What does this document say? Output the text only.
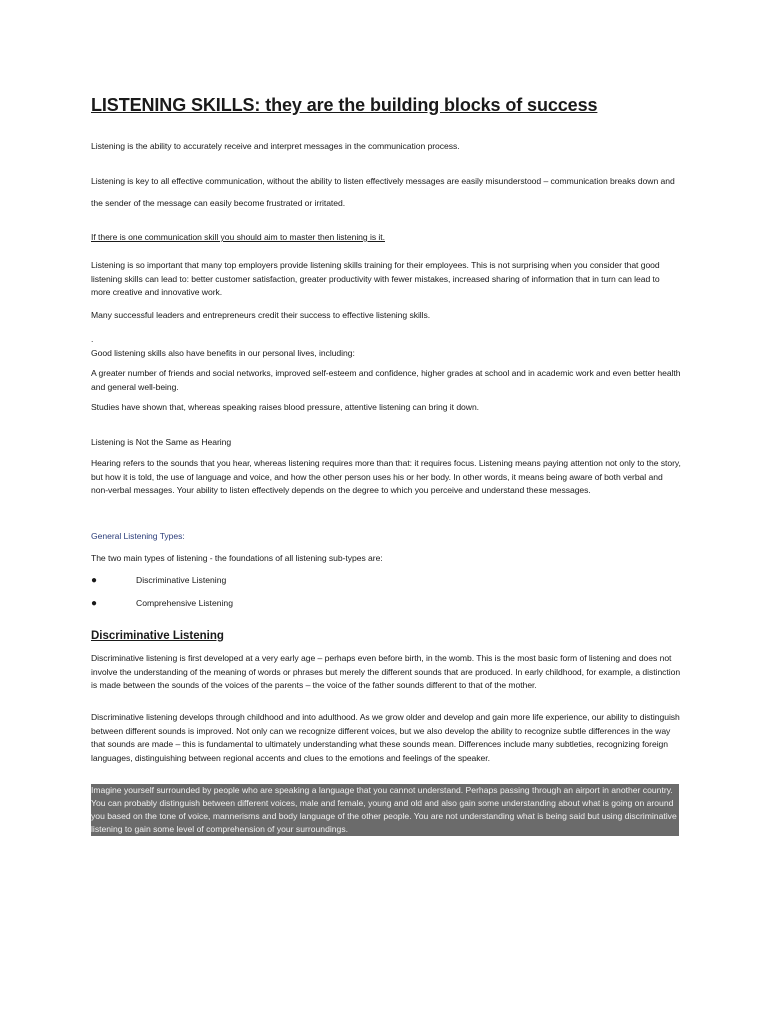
LISTENING SKILLS: they are the building blocks of success

Listening is the ability to accurately receive and interpret messages in the communication process.

Listening is key to all effective communication, without the ability to listen effectively messages are easily misunderstood – communication breaks down and the sender of the message can easily become frustrated or irritated.

If there is one communication skill you should aim to master then listening is it.

Listening is so important that many top employers provide listening skills training for their employees. This is not surprising when you consider that good listening skills can lead to: better customer satisfaction, greater productivity with fewer mistakes, increased sharing of information that in turn can lead to more creative and innovative work.

Many successful leaders and entrepreneurs credit their success to effective listening skills.

.

Good listening skills also have benefits in our personal lives, including:

A greater number of friends and social networks, improved self-esteem and confidence, higher grades at school and in academic work and even better health and general well-being.

Studies have shown that, whereas speaking raises blood pressure, attentive listening can bring it down.

Listening is Not the Same as Hearing

Hearing refers to the sounds that you hear, whereas listening requires more than that: it requires focus. Listening means paying attention not only to the story, but how it is told, the use of language and voice, and how the other person uses his or her body. In other words, it means being aware of both verbal and non-verbal messages. Your ability to listen effectively depends on the degree to which you perceive and understand these messages.

General Listening Types:

The two main types of listening - the foundations of all listening sub-types are:

●	Discriminative Listening
●	Comprehensive Listening
Discriminative Listening

Discriminative listening is first developed at a very early age – perhaps even before birth, in the womb. This is the most basic form of listening and does not involve the understanding of the meaning of words or phrases but merely the different sounds that are produced. In early childhood, for example, a distinction is made between the sounds of the voices of the parents – the voice of the father sounds different to that of the mother.

Discriminative listening develops through childhood and into adulthood. As we grow older and develop and gain more life experience, our ability to distinguish between different sounds is improved. Not only can we recognize different voices, but we also develop the ability to recognize subtle differences in the way that sounds are made – this is fundamental to ultimately understanding what these sounds mean. Differences include many subtleties, recognizing foreign languages, distinguishing between regional accents and clues to the emotions and feelings of the speaker.

Imagine yourself surrounded by people who are speaking a language that you cannot understand. Perhaps passing through an airport in another country. You can probably distinguish between different voices, male and female, young and old and also gain some understanding about what is going on around you based on the tone of voice, mannerisms and body language of the other people. You are not understanding what is being said but using discriminative listening to gain some level of comprehension of your surroundings.
